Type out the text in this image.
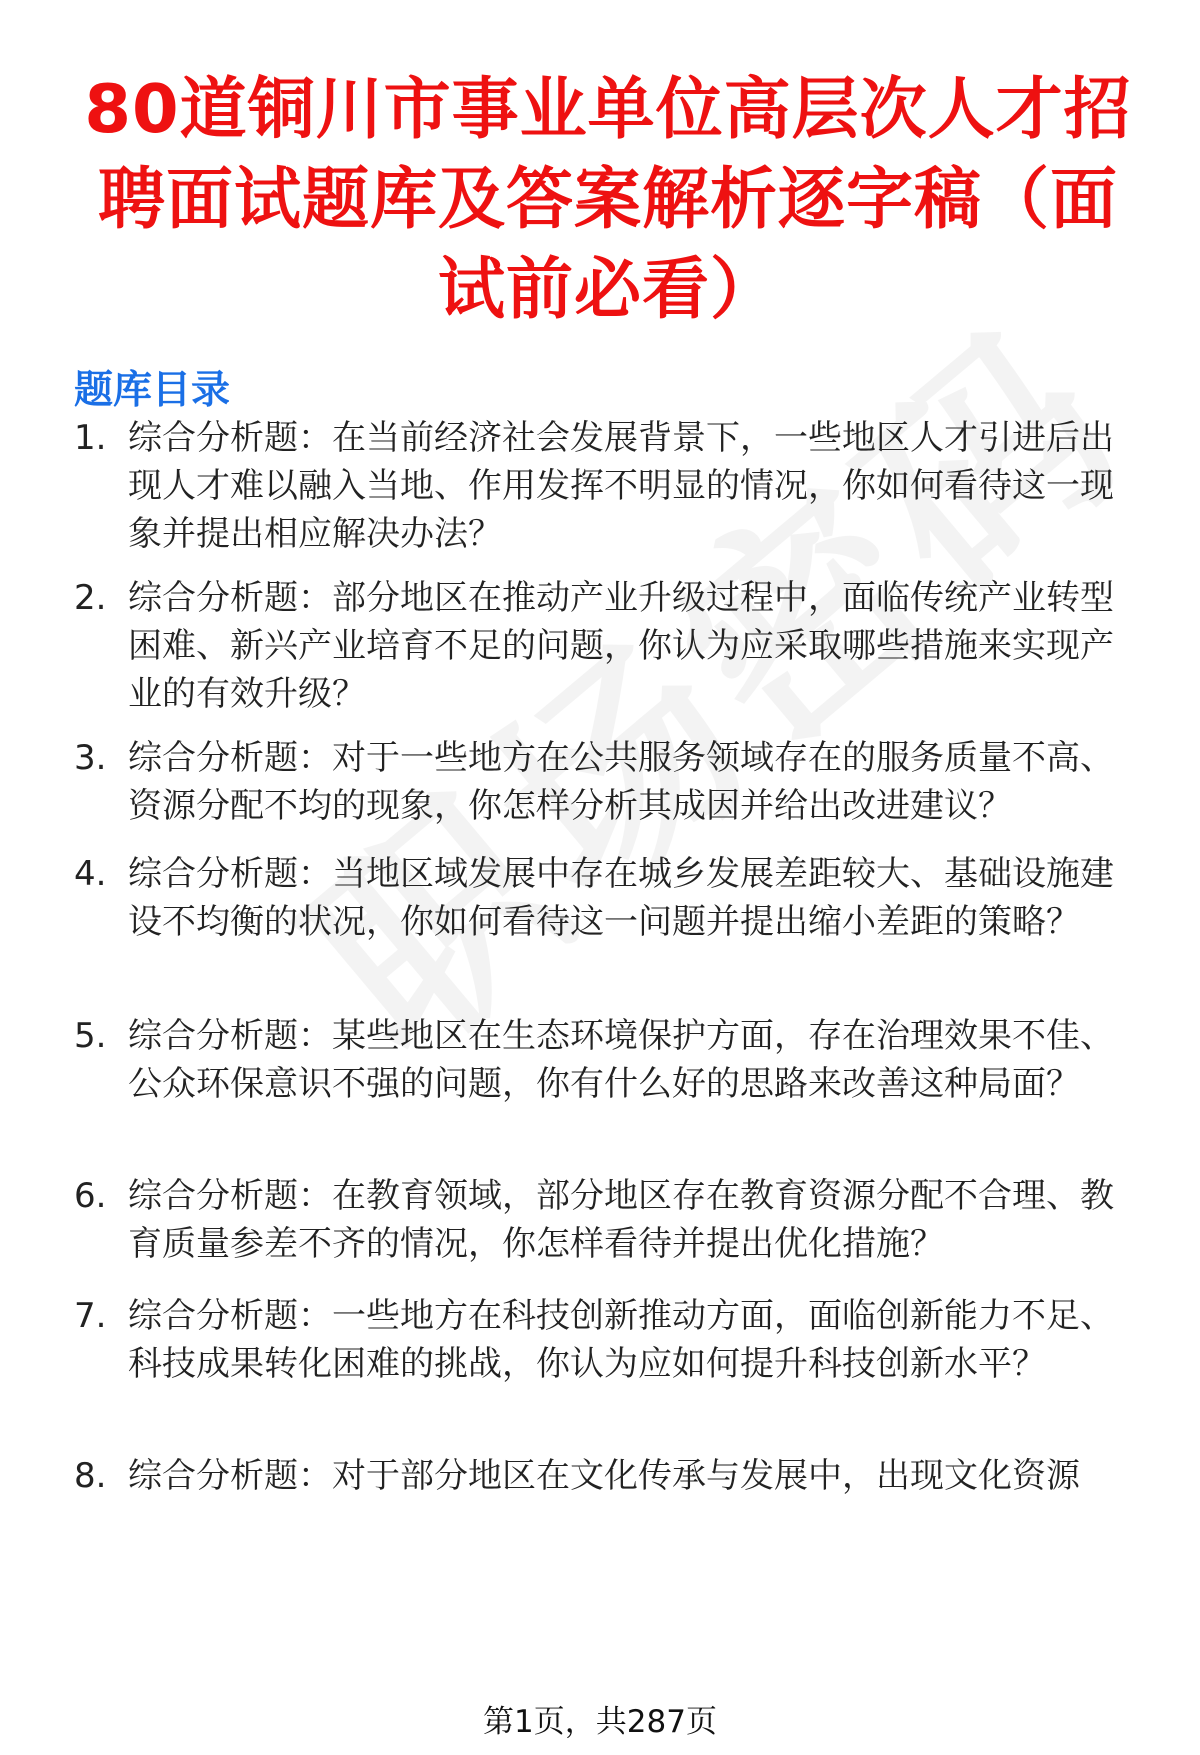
80道铜川市事业单位高层次人才招聘面试题库及答案解析逐字稿（面试前必看）
题库目录
1. 综合分析题：在当前经济社会发展背景下，一些地区人才引进后出现人才难以融入当地、作用发挥不明显的情况，你如何看待这一现象并提出相应解决办法？
2. 综合分析题：部分地区在推动产业升级过程中，面临传统产业转型困难、新兴产业培育不足的问题，你认为应采取哪些措施来实现产业的有效升级？
3. 综合分析题：对于一些地方在公共服务领域存在的服务质量不高、资源分配不均的现象，你怎样分析其成因并给出改进建议？
4. 综合分析题：当地区域发展中存在城乡发展差距较大、基础设施建设不均衡的状况，你如何看待这一问题并提出缩小差距的策略？
5. 综合分析题：某些地区在生态环境保护方面，存在治理效果不佳、公众环保意识不强的问题，你有什么好的思路来改善这种局面？
6. 综合分析题：在教育领域，部分地区存在教育资源分配不合理、教育质量参差不齐的情况，你怎样看待并提出优化措施？
7. 综合分析题：一些地方在科技创新推动方面，面临创新能力不足、科技成果转化困难的挑战，你认为应如何提升科技创新水平？
8. 综合分析题：对于部分地区在文化传承与发展中，出现文化资源
第1页，共287页
